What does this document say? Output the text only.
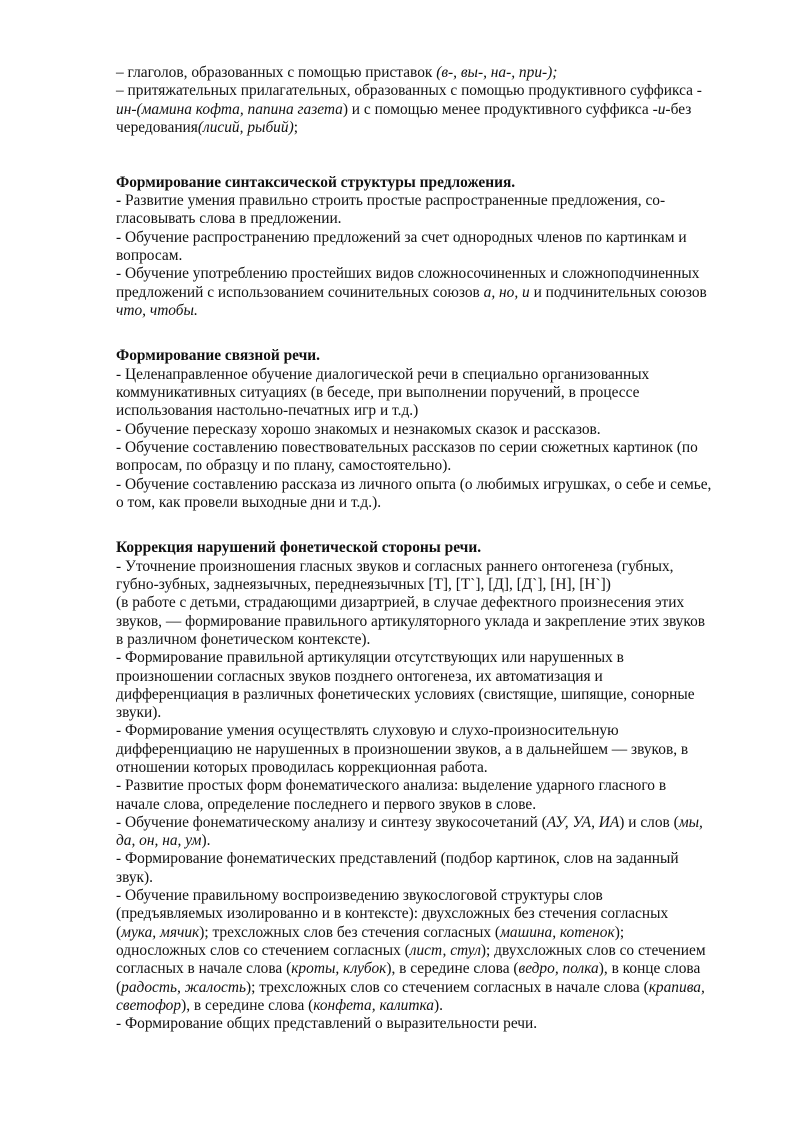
– глаголов, образованных с помощью приставок (в-, вы-, на-, при-);
– притяжательных прилагательных, образованных с помощью продуктивного суффикса -
ин-(мамина кофта, папина газета) и с помощью менее продуктивного суффикса -и-без
чередования(лисий, рыбий);
Формирование синтаксической структуры предложения.
- Развитие умения правильно строить простые распространенные предложения, со-
гласовывать слова в предложении.
- Обучение распространению предложений за счет однородных членов по картинкам и
вопросам.
- Обучение употреблению простейших видов сложносочиненных и сложноподчиненных
предложений с использованием сочинительных союзов а, но, и и подчинительных союзов
что, чтобы.
Формирование связной речи.
- Целенаправленное обучение диалогической речи в специально организованных
коммуникативных ситуациях (в беседе, при выполнении поручений, в процессе
использования настольно-печатных игр и т.д.)
- Обучение пересказу хорошо знакомых и незнакомых сказок и рассказов.
- Обучение составлению повествовательных рассказов по серии сюжетных картинок (по
вопросам, по образцу и по плану, самостоятельно).
- Обучение составлению рассказа из личного опыта (о любимых игрушках, о себе и семье,
о том, как провели выходные дни и т.д.).
Коррекция нарушений фонетической стороны речи.
- Уточнение произношения гласных звуков и согласных раннего онтогенеза (губных,
губно-зубных, заднеязычных, переднеязычных [Т], [Т`], [Д], [Д`], [Н], [Н`])
(в работе с детьми, страдающими дизартрией, в случае дефектного произнесения этих
звуков, — формирование правильного артикуляторного уклада и закрепление этих звуков
в различном фонетическом контексте).
- Формирование правильной артикуляции отсутствующих или нарушенных в
произношении согласных звуков позднего онтогенеза, их автоматизация и
дифференциация в различных фонетических условиях (свистящие, шипящие, сонорные
звуки).
- Формирование умения осуществлять слуховую и слухо-произносительную
дифференциацию не нарушенных в произношении звуков, а в дальнейшем — звуков, в
отношении которых проводилась коррекционная работа.
- Развитие простых форм фонематического анализа: выделение ударного гласного в
начале слова, определение последнего и первого звуков в слове.
- Обучение фонематическому анализу и синтезу звукосочетаний (АУ, УА, ИА) и слов (мы,
да, он, на, ум).
- Формирование фонематических представлений (подбор картинок, слов на заданный
звук).
- Обучение правильному воспроизведению звукослоговой структуры слов
(предъявляемых изолированно и в контексте): двухсложных без стечения согласных
(мука, мячик); трехсложных слов без стечения согласных (машина, котенок);
односложных слов со стечением согласных (лист, стул); двухсложных слов со стечением
согласных в начале слова (кроты, клубок), в середине слова (ведро, полка), в конце слова
(радость, жалость); трехсложных слов со стечением согласных в начале слова (крапива,
светофор), в середине слова (конфета, калитка).
- Формирование общих представлений о выразительности речи.
